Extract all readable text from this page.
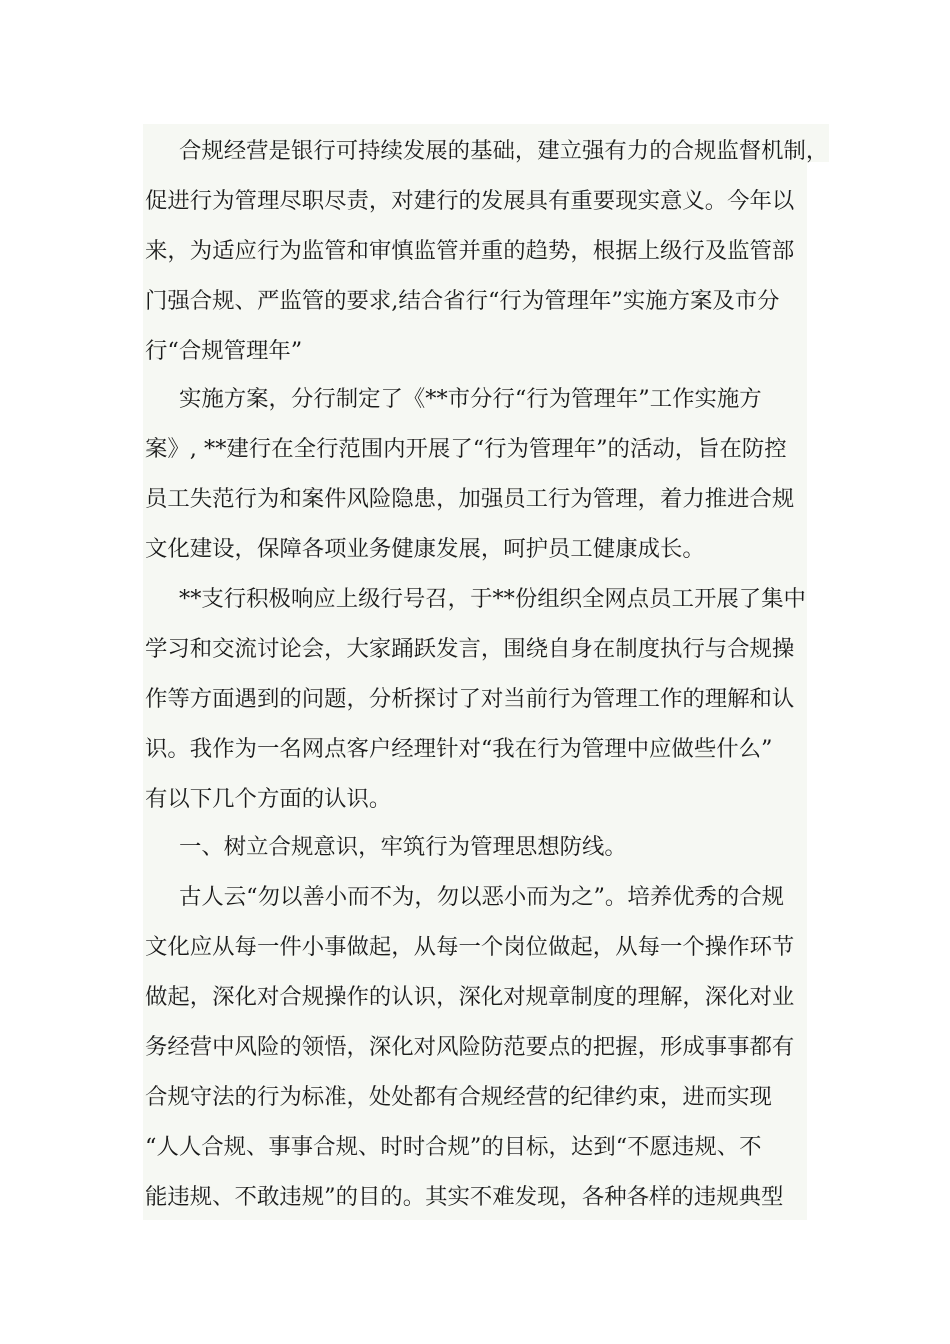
合规经营是银行可持续发展的基础，建立强有力的合规监督机制，
促进行为管理尽职尽责，对建行的发展具有重要现实意义。今年以
来，为适应行为监管和审慎监管并重的趋势，根据上级行及监管部
门强合规、严监管的要求,结合省行“行为管理年”实施方案及市分
行“合规管理年”
实施方案，分行制定了《**市分行“行为管理年”工作实施方
案》, **建行在全行范围内开展了“行为管理年”的活动，旨在防控
员工失范行为和案件风险隐患，加强员工行为管理，着力推进合规
文化建设，保障各项业务健康发展，呵护员工健康成长。
**支行积极响应上级行号召，于**份组织全网点员工开展了集中
学习和交流讨论会，大家踊跃发言，围绕自身在制度执行与合规操
作等方面遇到的问题，分析探讨了对当前行为管理工作的理解和认
识。我作为一名网点客户经理针对“我在行为管理中应做些什么”
有以下几个方面的认识。
一、树立合规意识，牢筑行为管理思想防线。
古人云“勿以善小而不为，勿以恶小而为之”。培养优秀的合规
文化应从每一件小事做起，从每一个岗位做起，从每一个操作环节
做起，深化对合规操作的认识，深化对规章制度的理解，深化对业
务经营中风险的领悟，深化对风险防范要点的把握，形成事事都有
合规守法的行为标准，处处都有合规经营的纪律约束，进而实现
“人人合规、事事合规、时时合规”的目标，达到“不愿违规、不
能违规、不敢违规”的目的。其实不难发现，各种各样的违规典型
